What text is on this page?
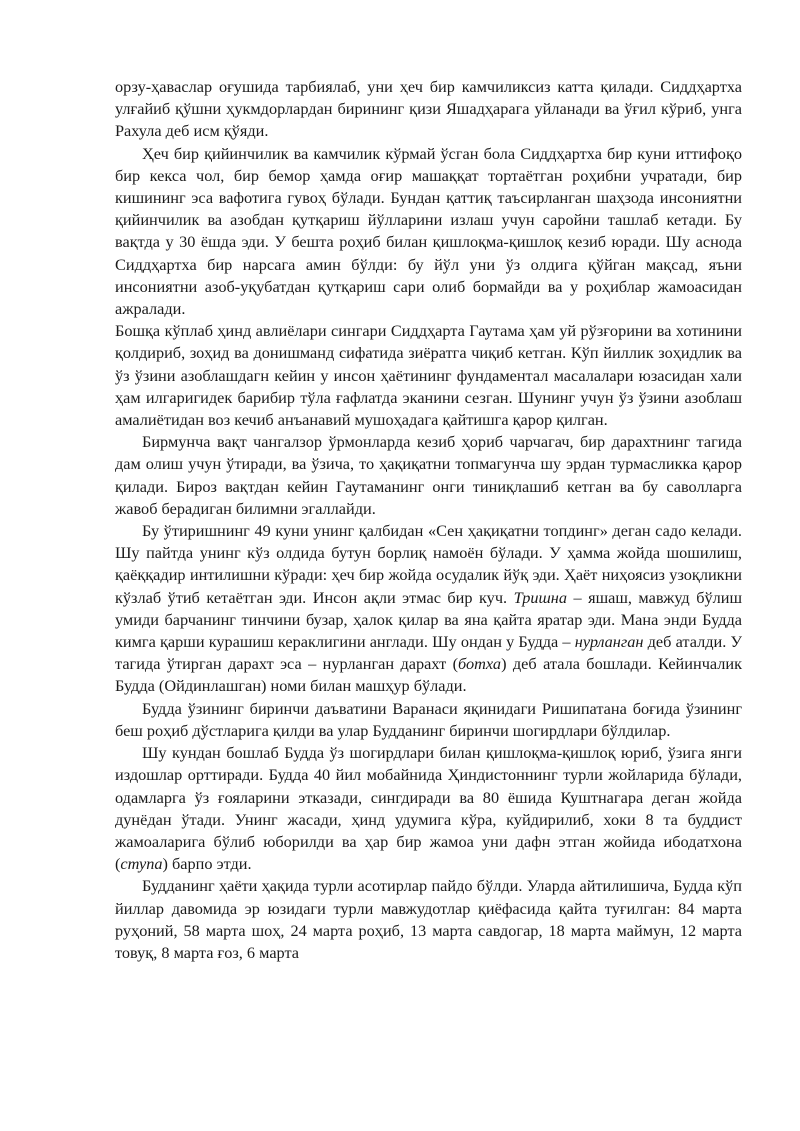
орзу-ҳавaслар оғушида тарбиялаб, уни ҳеч бир камчиликсиз катта қилади. Сиддҳартха улғайиб қўшни ҳукмдорлардан бирининг қизи Яшадҳарага уйланади ва ўғил кўриб, унга Рахула деб исм қўяди.

Ҳеч бир қийинчилик ва камчилик кўрмай ўсган бола Сиддҳартха бир куни иттифоқо бир кекса чол, бир бемор ҳамда оғир машаққат тортаётган роҳибни учратади, бир кишининг эса вафотига гувоҳ бўлади. Бундан қаттиқ таъсирланган шаҳзода инсониятни қийинчилик ва азобдан қутқариш йўлларини излаш учун саройни ташлаб кетади. Бу вақтда у 30 ёшда эди. У бешта роҳиб билан қишлоқма-қишлоқ кезиб юради. Шу аснода Сиддҳартха бир нарсага амин бўлди: бу йўл уни ўз олдига қўйган мақсад, яъни инсониятни азоб-уқубатдан қутқариш сари олиб бормайди ва у роҳиблар жамоасидан ажралади.

Бошқа кўплаб ҳинд авлиёлари сингари Сиддҳарта Гаутама ҳам уй рўзғорини ва хотинини қолдириб, зоҳид ва донишманд сифатида зиёратга чиқиб кетган. Кўп йиллик зоҳидлик ва ўз ўзини азоблашдагн кейин у инсон ҳаётининг фундаментал масалалари юзасидан хали ҳам илгаригидек барибир тўла ғафлатда эканини сезган. Шунинг учун ўз ўзини азоблаш амалиётидан воз кечиб анъанавий мушоҳадага қайтишга қарор қилган.

Бирмунча вақт чангалзор ўрмонларда кезиб ҳориб чарчагач, бир дарахтнинг тагида дам олиш учун ўтиради, ва ўзича, то ҳақиқатни топмагунча шу эрдан турмасликка қарор қилади. Бироз вақтдан кейин Гаутаманинг онги тиниқлашиб кетган ва бу саволларга жавоб берадиган билимни эгаллайди.

Бу ўтиришнинг 49 куни унинг қалбидан «Сен ҳақиқатни топдинг» деган садо келади. Шу пайтда унинг кўз олдида бутун борлиқ намоён бўлади. У ҳамма жойда шошилиш, қаёққадир интилишни кўради: ҳеч бир жойда осудалик йўқ эди. Ҳаёт ниҳоясиз узоқликни кўзлаб ўтиб кетаётган эди. Инсон ақли этмас бир куч. Тришна – яшаш, мавжуд бўлиш умиди барчанинг тинчини бузар, ҳалок қилар ва яна қайта яратар эди. Мана энди Будда кимга қарши курашиш кераклигини англади. Шу ондан у Будда – нурланган деб аталди. У тагида ўтирган дарахт эса – нурланган дарахт (ботха) деб атала бошлади. Кейинчалик Будда (Ойдинлашган) номи билан машҳур бўлади.

Будда ўзининг биринчи даъватини Варанаси яқинидаги Ришипатана боғида ўзининг беш роҳиб дўстларига қилди ва улар Будданинг биринчи шогирдлари бўлдилар.

Шу кундан бошлаб Будда ўз шогирдлари билан қишлоқма-қишлоқ юриб, ўзига янги издошлар орттиради. Будда 40 йил мобайнида Ҳиндистоннинг турли жойларида бўлади, одамларга ўз ғояларини этказади, сингдиради ва 80 ёшида Куштнагара деган жойда дунёдан ўтади. Унинг жасади, ҳинд удумига кўра, куйдирилиб, хоки 8 та буддист жамоаларига бўлиб юборилди ва ҳар бир жамоа уни дафн этган жойида ибодатхона (ступа) барпо этди.

Будданинг ҳаёти ҳақида турли асотирлар пайдо бўлди. Уларда айтилишича, Будда кўп йиллар давомида эр юзидаги турли мавжудотлар қиёфасида қайта туғилган: 84 марта руҳоний, 58 марта шоҳ, 24 марта роҳиб, 13 марта савдогар, 18 марта маймун, 12 марта товуқ, 8 марта ғоз, 6 марта
